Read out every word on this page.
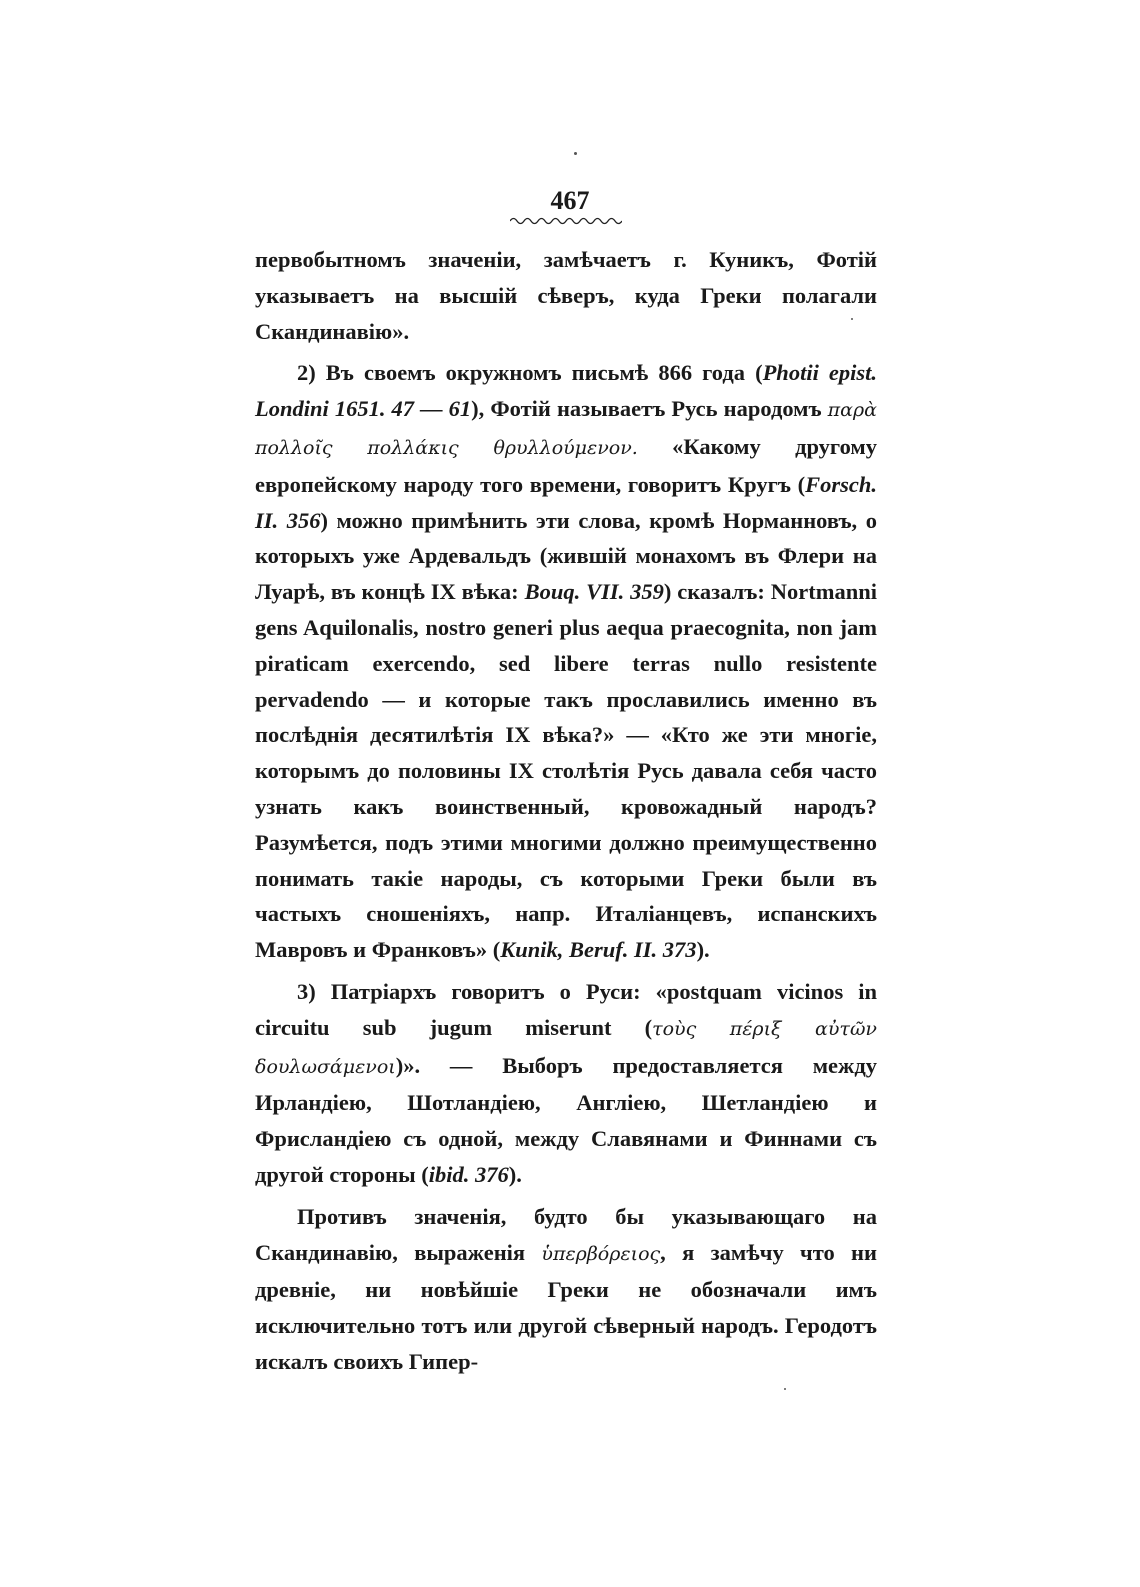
467

первобытномъ значеніи, замѣчаетъ г. Куникъ, Фотій указываетъ на высшій сѣверъ, куда Греки полагали Скандинавію».

2) Въ своемъ окружномъ письмѣ 866 года (Photii epist. Londini 1651. 47 — 61), Фотій называетъ Русь народомъ παρὰ πολλοῖς πολλάκις θρυλλούμενον. «Какому другому европейскому народу того времени, говоритъ Кругъ (Forsch. II. 356) можно примѣнить эти слова, кромѣ Норманновъ, о которыхъ уже Ардевальдъ (жившій монахомъ въ Флери на Луарѣ, въ концѣ IX вѣка: Bouq. VII. 359) сказалъ: Nortmanni gens Aquilonalis, nostro generi plus aequa praecognita, non jam piraticam exercendo, sed libere terras nullo resistente pervadendo — и которые такъ прославились именно въ послѣднія десятилѣтія IX вѣка?» — «Кто же эти многіе, которымъ до половины IX столѣтія Русь давала себя часто узнать какъ воинственный, кровожадный народъ? Разумѣется, подъ этими многими должно преимущественно понимать такіе народы, съ которыми Греки были въ частыхъ сношеніяхъ, напр. Италіанцевъ, испанскихъ Мавровъ и Франковъ» (Kunik, Beruf. II. 373).

3) Патріархъ говоритъ о Руси: «postquam vicinos in circuitu sub jugum miserunt (τοὺς πέριξ αὐτῶν δουλωσάμενοι)». — Выборъ предоставляется между Ирландіею, Шотландіею, Англіею, Шетландіею и Фрисландіею съ одной, между Славянами и Финнами съ другой стороны (ibid. 376).

Противъ значенія, будто бы указывающаго на Скандинавію, выраженія ὑπερβόρειος, я замѣчу что ни древніе, ни новѣйшіе Греки не обозначали имъ исключительно тотъ или другой сѣверный народъ. Геродотъ искалъ своихъ Гипер-
